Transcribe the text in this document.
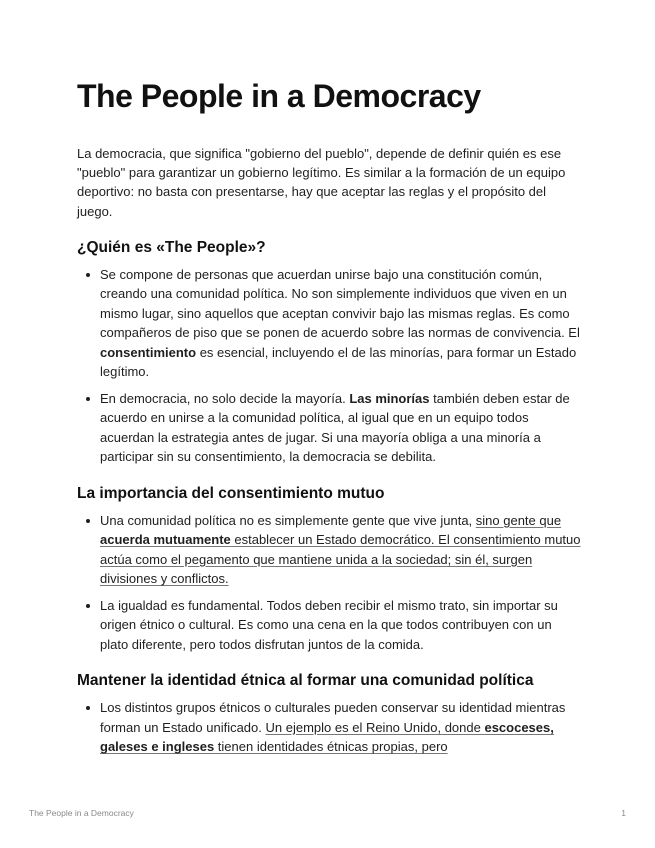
The People in a Democracy

La democracia, que significa "gobierno del pueblo", depende de definir quién es ese "pueblo" para garantizar un gobierno legítimo. Es similar a la formación de un equipo deportivo: no basta con presentarse, hay que aceptar las reglas y el propósito del juego.

¿Quién es «The People»?
Se compone de personas que acuerdan unirse bajo una constitución común, creando una comunidad política. No son simplemente individuos que viven en un mismo lugar, sino aquellos que aceptan convivir bajo las mismas reglas. Es como compañeros de piso que se ponen de acuerdo sobre las normas de convivencia. El consentimiento es esencial, incluyendo el de las minorías, para formar un Estado legítimo.
En democracia, no solo decide la mayoría. Las minorías también deben estar de acuerdo en unirse a la comunidad política, al igual que en un equipo todos acuerdan la estrategia antes de jugar. Si una mayoría obliga a una minoría a participar sin su consentimiento, la democracia se debilita.
La importancia del consentimiento mutuo
Una comunidad política no es simplemente gente que vive junta, sino gente que acuerda mutuamente establecer un Estado democrático. El consentimiento mutuo actúa como el pegamento que mantiene unida a la sociedad; sin él, surgen divisiones y conflictos.
La igualdad es fundamental. Todos deben recibir el mismo trato, sin importar su origen étnico o cultural. Es como una cena en la que todos contribuyen con un plato diferente, pero todos disfrutan juntos de la comida.
Mantener la identidad étnica al formar una comunidad política
Los distintos grupos étnicos o culturales pueden conservar su identidad mientras forman un Estado unificado. Un ejemplo es el Reino Unido, donde escoceses, galeses e ingleses tienen identidades étnicas propias, pero
The People in a Democracy	1
